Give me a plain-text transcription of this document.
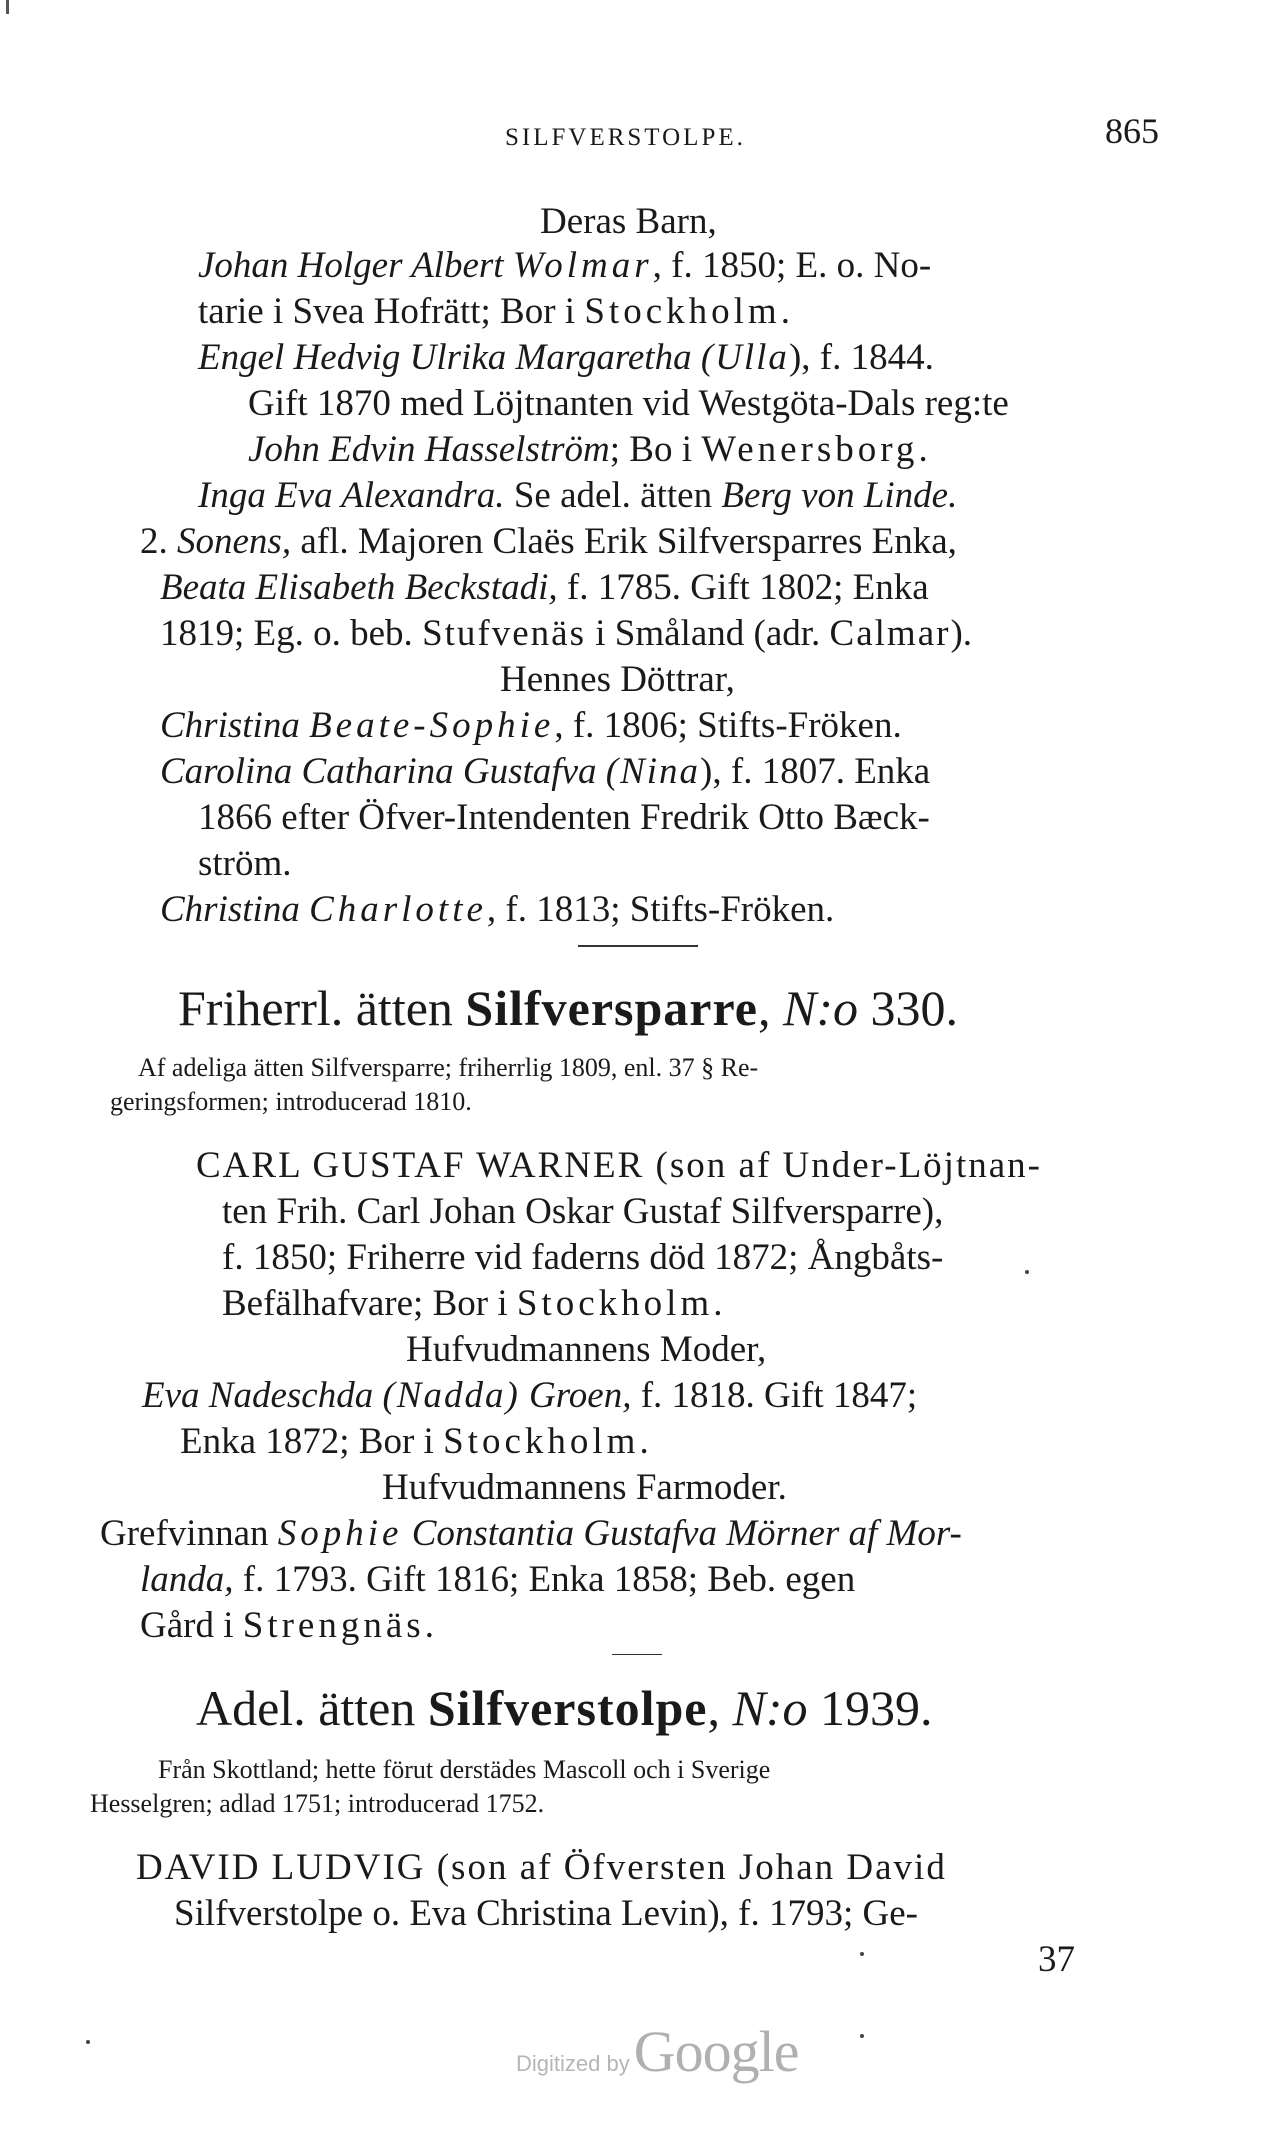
SILFVERSTOLPE.	865
Deras Barn,
Johan Holger Albert Wolmar, f. 1850; E. o. No-
tarie i Svea Hofrätt; Bor i Stockholm.
Engel Hedvig Ulrika Margaretha (Ulla), f. 1844.
Gift 1870 med Löjtnanten vid Westgöta-Dals reg:te
John Edvin Hasselström; Bo i Wenersborg.
Inga Eva Alexandra. Se adel. ätten Berg von Linde.
2. Sonens, afl. Majoren Claës Erik Silfversparres Enka,
Beata Elisabeth Beckstadi, f. 1785. Gift 1802; Enka
1819; Eg. o. beb. Stufvenäs i Småland (adr. Calmar).
Hennes Döttrar,
Christina Beate-Sophie, f. 1806; Stifts-Fröken.
Carolina Catharina Gustafva (Nina), f. 1807. Enka
1866 efter Öfver-Intendenten Fredrik Otto Bæck-
ström.
Christina Charlotte, f. 1813; Stifts-Fröken.
Friherrl. ätten Silfversparre, N:o 330.
Af adeliga ätten Silfversparre; friherrlig 1809, enl. 37 § Re-
geringsformen; introducerad 1810.
CARL GUSTAF WARNER (son af Under-Löjtnan-
ten Frih. Carl Johan Oskar Gustaf Silfversparre),
f. 1850; Friherre vid faderns död 1872; Ångbåts-
Befälhafvare; Bor i Stockholm.
Hufvudmannens Moder,
Eva Nadeschda (Nadda) Groen, f. 1818. Gift 1847;
Enka 1872; Bor i Stockholm.
Hufvudmannens Farmoder.
Grefvinnan Sophie Constantia Gustafva Mörner af Mor-
landa, f. 1793. Gift 1816; Enka 1858; Beb. egen
Gård i Strengnäs.
Adel. ätten Silfverstolpe, N:o 1939.
Från Skottland; hette förut derstädes Mascoll och i Sverige
Hesselgren; adlad 1751; introducerad 1752.
DAVID LUDVIG (son af Öfversten Johan David
Silfverstolpe o. Eva Christina Levin), f. 1793; Ge-
37
Digitized by Google
